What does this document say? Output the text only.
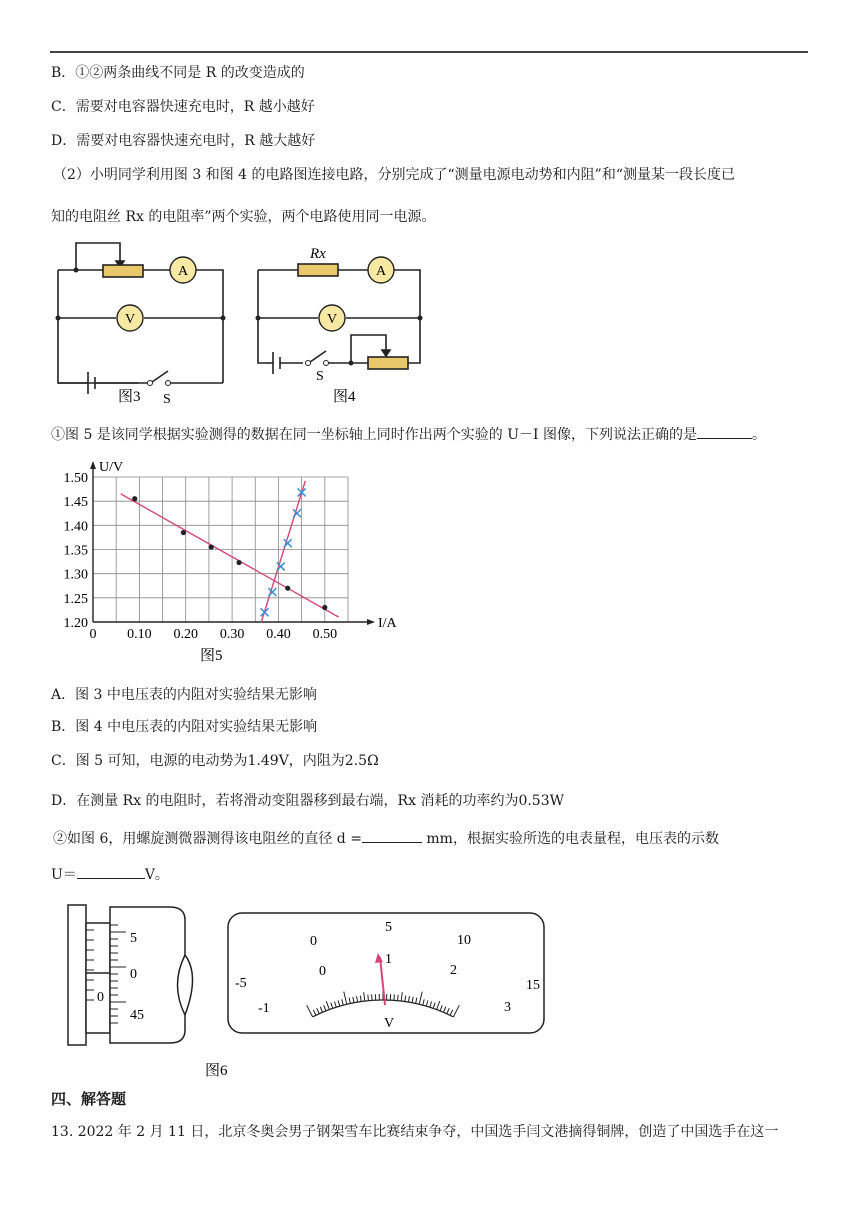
B．①②两条曲线不同是 R 的改变造成的
C．需要对电容器快速充电时，R 越小越好
D．需要对电容器快速充电时，R 越大越好
（2）小明同学利用图 3 和图 4 的电路图连接电路，分别完成了“测量电源电动势和内阻”和“测量某一段长度已
知的电阻丝 Rx 的电阻率”两个实验，两个电路使用同一电源。
A
V
S
A
V
Rx
S
图3	图4
①图 5 是该同学根据实验测得的数据在同一坐标轴上同时作出两个实验的 U－I 图像，下列说法正确的是	。
0 0.10 0.20 0.30 0.40 0.50
1.20
1.25
1.30
1.35
1.40
1.45
1.50
I/A
U/V
图5
A．图 3 中电压表的内阻对实验结果无影响
B．图 4 中电压表的内阻对实验结果无影响
C．图 5 可知，电源的电动势为1.49V，内阻为2.5Ω
D．在测量 Rx 的电阻时，若将滑动变阻器移到最右端，Rx 消耗的功率约为0.53W
②如图 6，用螺旋测微器测得该电阻丝的直径 d =	mm，根据实验所选的电表量程，电压表的示数
U＝	V。
5
0
45
0
-5
0
5
10
15
-1
0
1
2
3
V
图6
四、解答题
13. 2022 年 2 月 11 日，北京冬奥会男子钢架雪车比赛结束争夺，中国选手闫文港摘得铜牌，创造了中国选手在这一
